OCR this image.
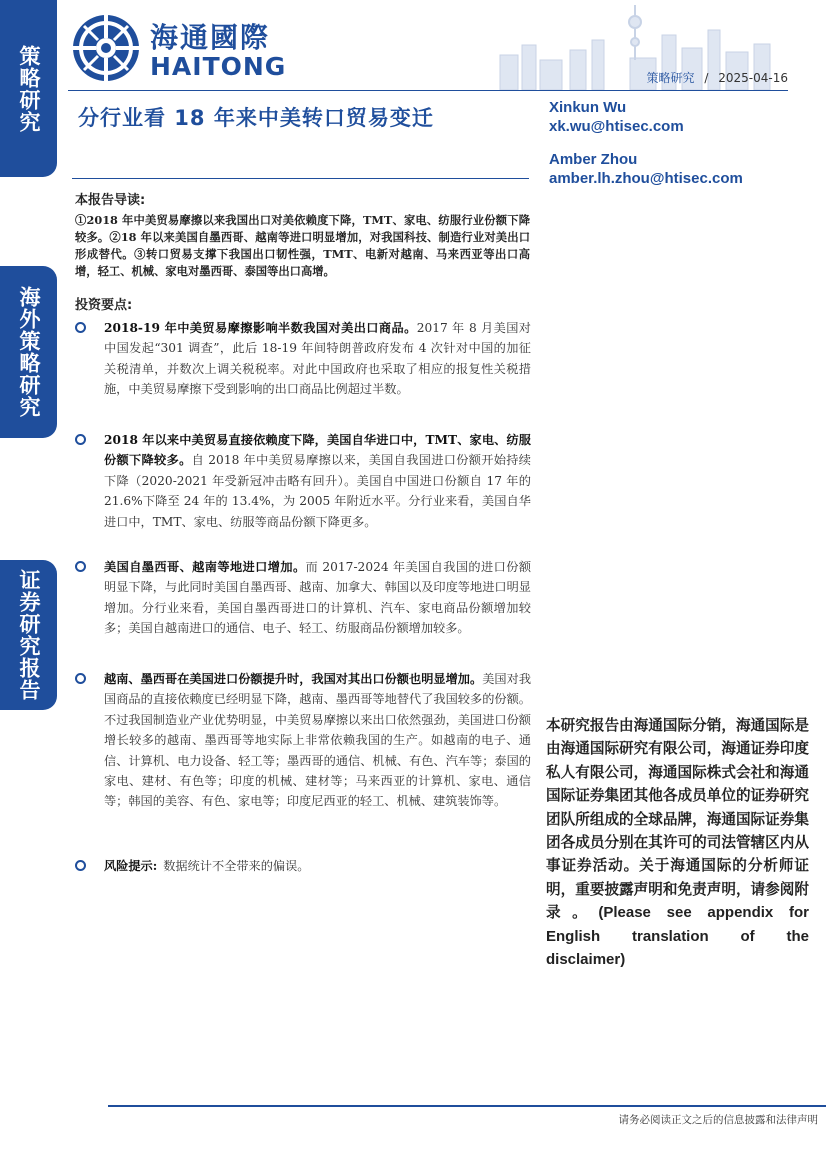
策略研究
海外策略研究
证券研究报告
海通國際
HAITONG	策略研究 / 2025-04-16
分行业看 18 年来中美转口贸易变迁	Xinkun Wu
xk.wu@htisec.com
Amber Zhou
amber.lh.zhou@htisec.com
本报告导读:
①2018 年中美贸易摩擦以来我国出口对美依赖度下降，TMT、家电、纺服行业份额下降较多。②18 年以来美国自墨西哥、越南等进口明显增加，对我国科技、制造行业对美出口形成替代。③转口贸易支撑下我国出口韧性强，TMT、电新对越南、马来西亚等出口高增，轻工、机械、家电对墨西哥、泰国等出口高增。
投资要点:

2018-19 年中美贸易摩擦影响半数我国对美出口商品。2017 年 8 月美国对中国发起“301 调查”，此后 18-19 年间特朗普政府发布 4 次针对中国的加征关税清单，并数次上调关税税率。对此中国政府也采取了相应的报复性关税措施，中美贸易摩擦下受到影响的出口商品比例超过半数。

2018 年以来中美贸易直接依赖度下降，美国自华进口中，TMT、家电、纺服份额下降较多。自 2018 年中美贸易摩擦以来，美国自我国进口份额开始持续下降（2020-2021 年受新冠冲击略有回升）。美国自中国进口份额自 17 年的 21.6%下降至 24 年的 13.4%，为 2005 年附近水平。分行业来看，美国自华进口中，TMT、家电、纺服等商品份额下降更多。

美国自墨西哥、越南等地进口增加。而 2017-2024 年美国自我国的进口份额明显下降，与此同时美国自墨西哥、越南、加拿大、韩国以及印度等地进口明显增加。分行业来看，美国自墨西哥进口的计算机、汽车、家电商品份额增加较多；美国自越南进口的通信、电子、轻工、纺服商品份额增加较多。

越南、墨西哥在美国进口份额提升时，我国对其出口份额也明显增加。美国对我国商品的直接依赖度已经明显下降，越南、墨西哥等地替代了我国较多的份额。不过我国制造业产业优势明显，中美贸易摩擦以来出口依然强劲，美国进口份额增长较多的越南、墨西哥等地实际上非常依赖我国的生产。如越南的电子、通信、计算机、电力设备、轻工等；墨西哥的通信、机械、有色、汽车等；泰国的家电、建材、有色等；印度的机械、建材等；马来西亚的计算机、家电、通信等；韩国的美容、有色、家电等；印度尼西亚的轻工、机械、建筑装饰等。

风险提示: 数据统计不全带来的偏误。

本研究报告由海通国际分销，海通国际是由海通国际研究有限公司，海通证券印度私人有限公司，海通国际株式会社和海通国际证券集团其他各成员单位的证券研究团队所组成的全球品牌，海通国际证券集团各成员分别在其许可的司法管辖区内从事证券活动。关于海通国际的分析师证明，重要披露声明和免责声明，请参阅附录。(Please see appendix for English translation of the disclaimer)
请务必阅读正文之后的信息披露和法律声明
